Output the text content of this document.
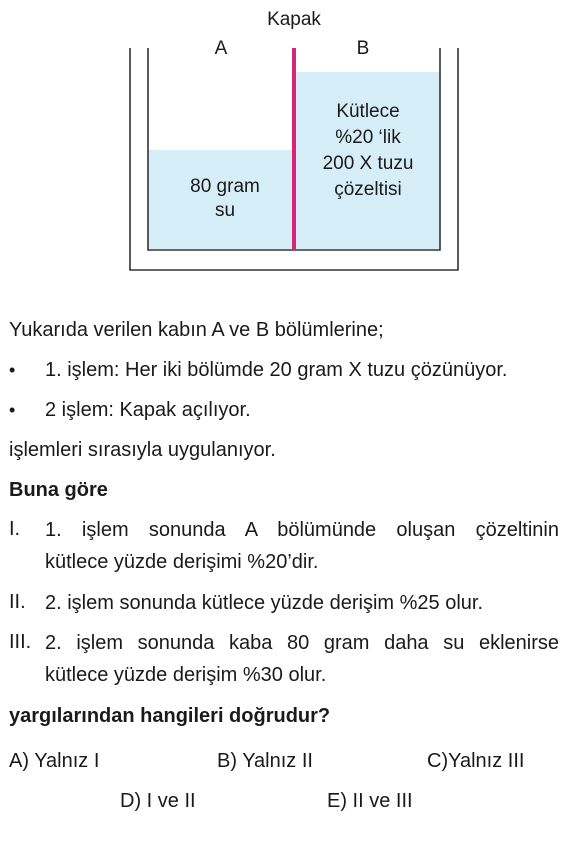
Kapak
A	B
80 gram
su
Kütlece
%20 ‘lik
200 X tuzu
çözeltisi
Yukarıda verilen kabın A ve B bölümlerine;
• 1. işlem: Her iki bölümde 20 gram X tuzu çözünüyor.
• 2 işlem: Kapak açılıyor.
işlemleri sırasıyla uygulanıyor.
Buna göre
I. 1. işlem sonunda A bölümünde oluşan çözeltinin
kütlece yüzde derişimi %20’dir.
II. 2. işlem sonunda kütlece yüzde derişim %25 olur.
III. 2. işlem sonunda kaba 80 gram daha su eklenirse
kütlece yüzde derişim %30 olur.
yargılarından hangileri doğrudur?
A) Yalnız I	B) Yalnız II	C)Yalnız III
D) I ve II	E) II ve III
